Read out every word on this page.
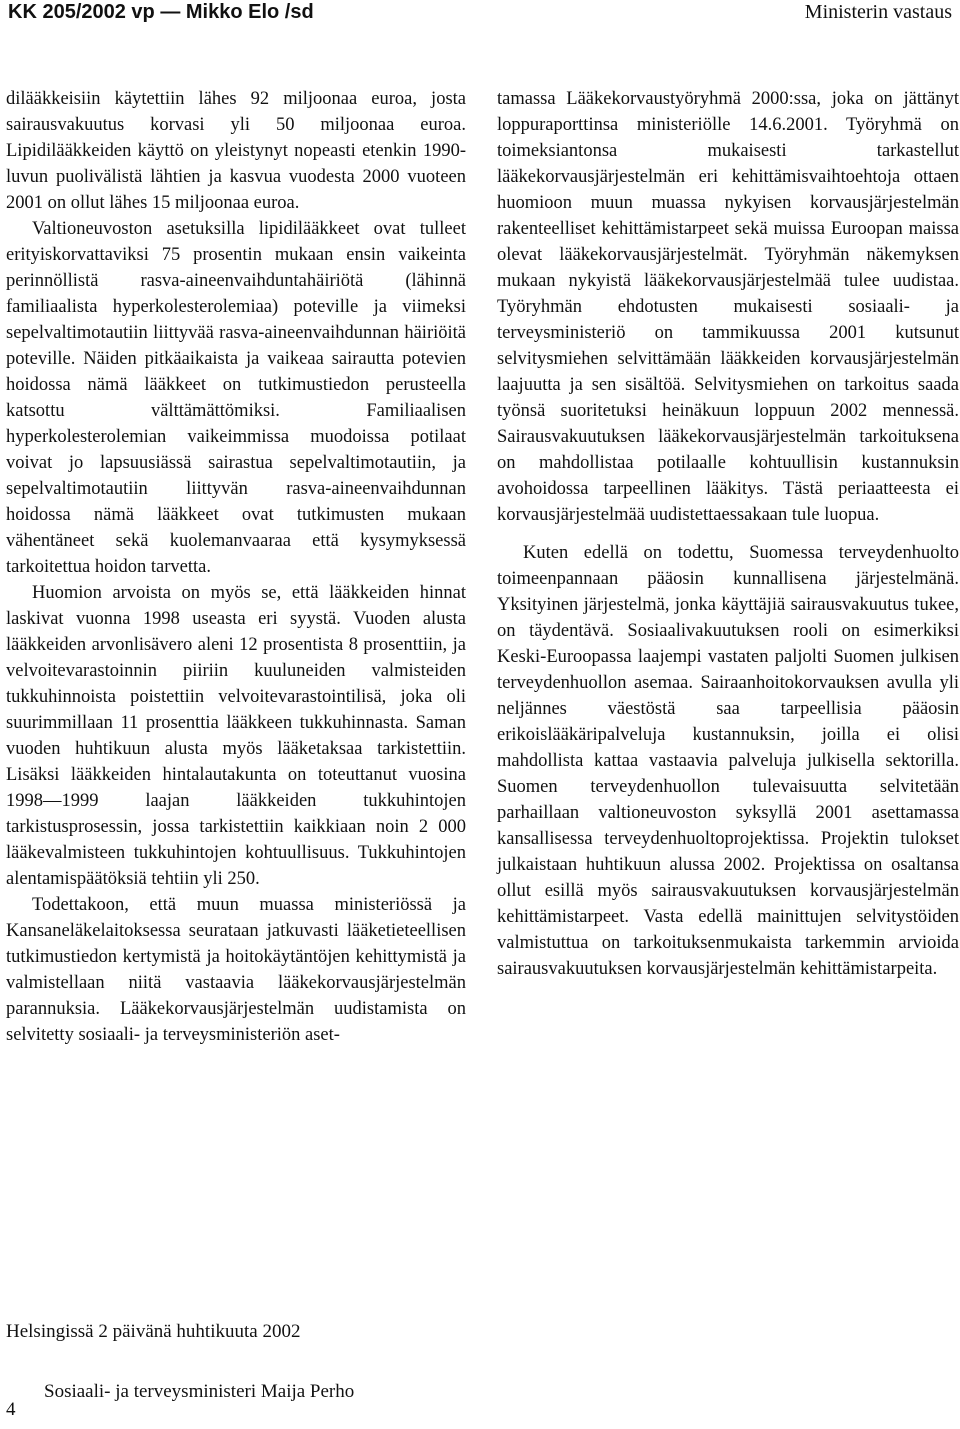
KK 205/2002 vp — Mikko Elo /sd	Ministerin vastaus

dilääkkeisiin käytettiin lähes 92 miljoonaa euroa, josta sairausvakuutus korvasi yli 50 miljoonaa euroa. Lipidilääkkeiden käyttö on yleistynyt nopeasti etenkin 1990-luvun puolivälistä lähtien ja kasvua vuodesta 2000 vuoteen 2001 on ollut lähes 15 miljoonaa euroa.

Valtioneuvoston asetuksilla lipidilääkkeet ovat tulleet erityiskorvattaviksi 75 prosentin mukaan ensin vaikeinta perinnöllistä rasva-aineenvaihduntahäiriötä (lähinnä familiaalista hyperkolesterolemiaa) poteville ja viimeksi sepelvaltimotautiin liittyvää rasva-aineenvaihdunnan häiriöitä poteville. Näiden pitkäaikaista ja vaikeaa sairautta potevien hoidossa nämä lääkkeet on tutkimustiedon perusteella katsottu välttämättömiksi. Familiaalisen hyperkolesterolemian vaikeimmissa muodoissa potilaat voivat jo lapsuusiässä sairastua sepelvaltimotautiin, ja sepelvaltimotautiin liittyvän rasva-aineenvaihdunnan hoidossa nämä lääkkeet ovat tutkimusten mukaan vähentäneet sekä kuolemanvaaraa että kysymyksessä tarkoitettua hoidon tarvetta.

Huomion arvoista on myös se, että lääkkeiden hinnat laskivat vuonna 1998 useasta eri syystä. Vuoden alusta lääkkeiden arvonlisävero aleni 12 prosentista 8 prosenttiin, ja velvoitevarastoinnin piiriin kuuluneiden valmisteiden tukkuhinnoista poistettiin velvoitevarastointilisä, joka oli suurimmillaan 11 prosenttia lääkkeen tukkuhinnasta. Saman vuoden huhtikuun alusta myös lääketaksaa tarkistettiin. Lisäksi lääkkeiden hintalautakunta on toteuttanut vuosina 1998—1999 laajan lääkkeiden tukkuhintojen tarkistusprosessin, jossa tarkistettiin kaikkiaan noin 2 000 lääkevalmisteen tukkuhintojen kohtuullisuus. Tukkuhintojen alentamispäätöksiä tehtiin yli 250.

Todettakoon, että muun muassa ministeriössä ja Kansaneläkelaitoksessa seurataan jatkuvasti lääketieteellisen tutkimustiedon kertymistä ja hoitokäytäntöjen kehittymistä ja valmistellaan niitä vastaavia lääkekorvausjärjestelmän parannuksia. Lääkekorvausjärjestelmän uudistamista on selvitetty sosiaali- ja terveysministeriön aset-

tamassa Lääkekorvaustyöryhmä 2000:ssa, joka on jättänyt loppuraporttinsa ministeriölle 14.6.2001. Työryhmä on toimeksiantonsa mukaisesti tarkastellut lääkekorvausjärjestelmän eri kehittämisvaihtoehtoja ottaen huomioon muun muassa nykyisen korvausjärjestelmän rakenteelliset kehittämistarpeet sekä muissa Euroopan maissa olevat lääkekorvausjärjestelmät. Työryhmän näkemyksen mukaan nykyistä lääkekorvausjärjestelmää tulee uudistaa. Työryhmän ehdotusten mukaisesti sosiaali- ja terveysministeriö on tammikuussa 2001 kutsunut selvitysmiehen selvittämään lääkkeiden korvausjärjestelmän laajuutta ja sen sisältöä. Selvitysmiehen on tarkoitus saada työnsä suoritetuksi heinäkuun loppuun 2002 mennessä. Sairausvakuutuksen lääkekorvausjärjestelmän tarkoituksena on mahdollistaa potilaalle kohtuullisin kustannuksin avohoidossa tarpeellinen lääkitys. Tästä periaatteesta ei korvausjärjestelmää uudistettaessakaan tule luopua.

Kuten edellä on todettu, Suomessa terveydenhuolto toimeenpannaan pääosin kunnallisena järjestelmänä. Yksityinen järjestelmä, jonka käyttäjiä sairausvakuutus tukee, on täydentävä. Sosiaalivakuutuksen rooli on esimerkiksi Keski-Euroopassa laajempi vastaten paljolti Suomen julkisen terveydenhuollon asemaa. Sairaanhoitokorvauksen avulla yli neljännes väestöstä saa tarpeellisia pääosin erikoislääkäripalveluja kustannuksin, joilla ei olisi mahdollista kattaa vastaavia palveluja julkisella sektorilla. Suomen terveydenhuollon tulevaisuutta selvitetään parhaillaan valtioneuvoston syksyllä 2001 asettamassa kansallisessa terveydenhuoltoprojektissa. Projektin tulokset julkaistaan huhtikuun alussa 2002. Projektissa on osaltansa ollut esillä myös sairausvakuutuksen korvausjärjestelmän kehittämistarpeet. Vasta edellä mainittujen selvitystöiden valmistuttua on tarkoituksenmukaista tarkemmin arvioida sairausvakuutuksen korvausjärjestelmän kehittämistarpeita.

Helsingissä 2 päivänä huhtikuuta 2002
Sosiaali- ja terveysministeri Maija Perho
4
